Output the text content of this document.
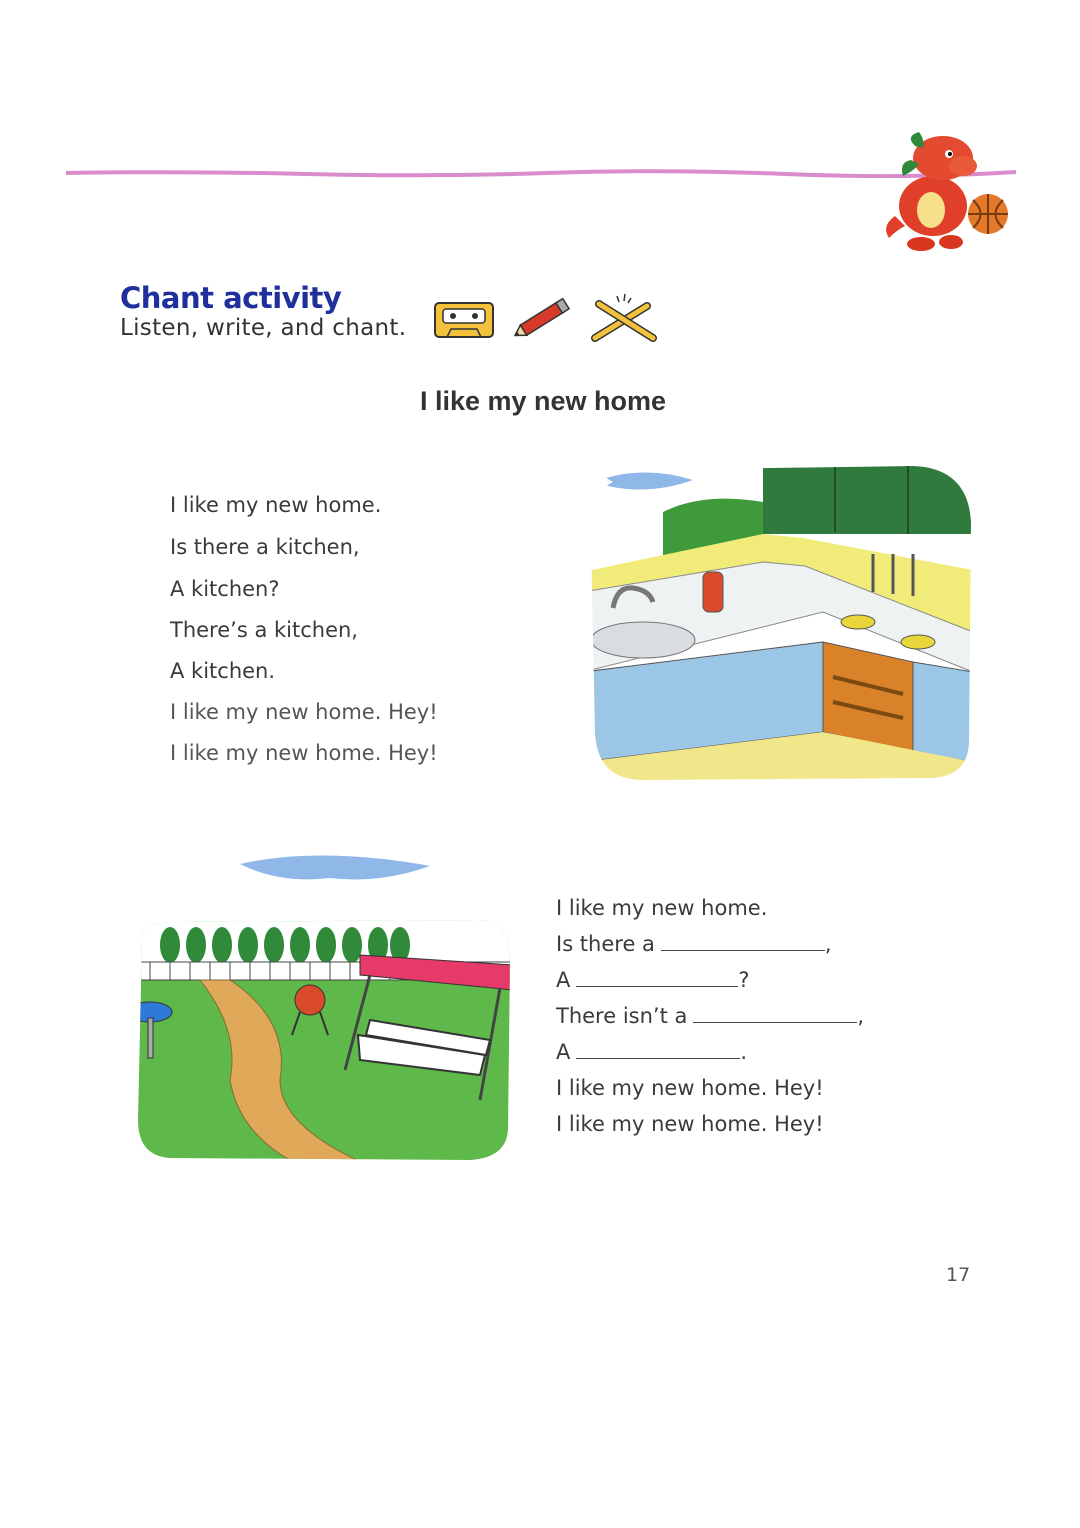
Chant activity
Listen, write, and chant.
I like my new home
I like my new home.
Is there a kitchen,
A kitchen?
There’s a kitchen,
A kitchen.
I like my new home. Hey!
I like my new home. Hey!
I like my new home.
Is there a	,
A	?
There isn’t a	,
A	.
I like my new home. Hey!
I like my new home. Hey!
17
